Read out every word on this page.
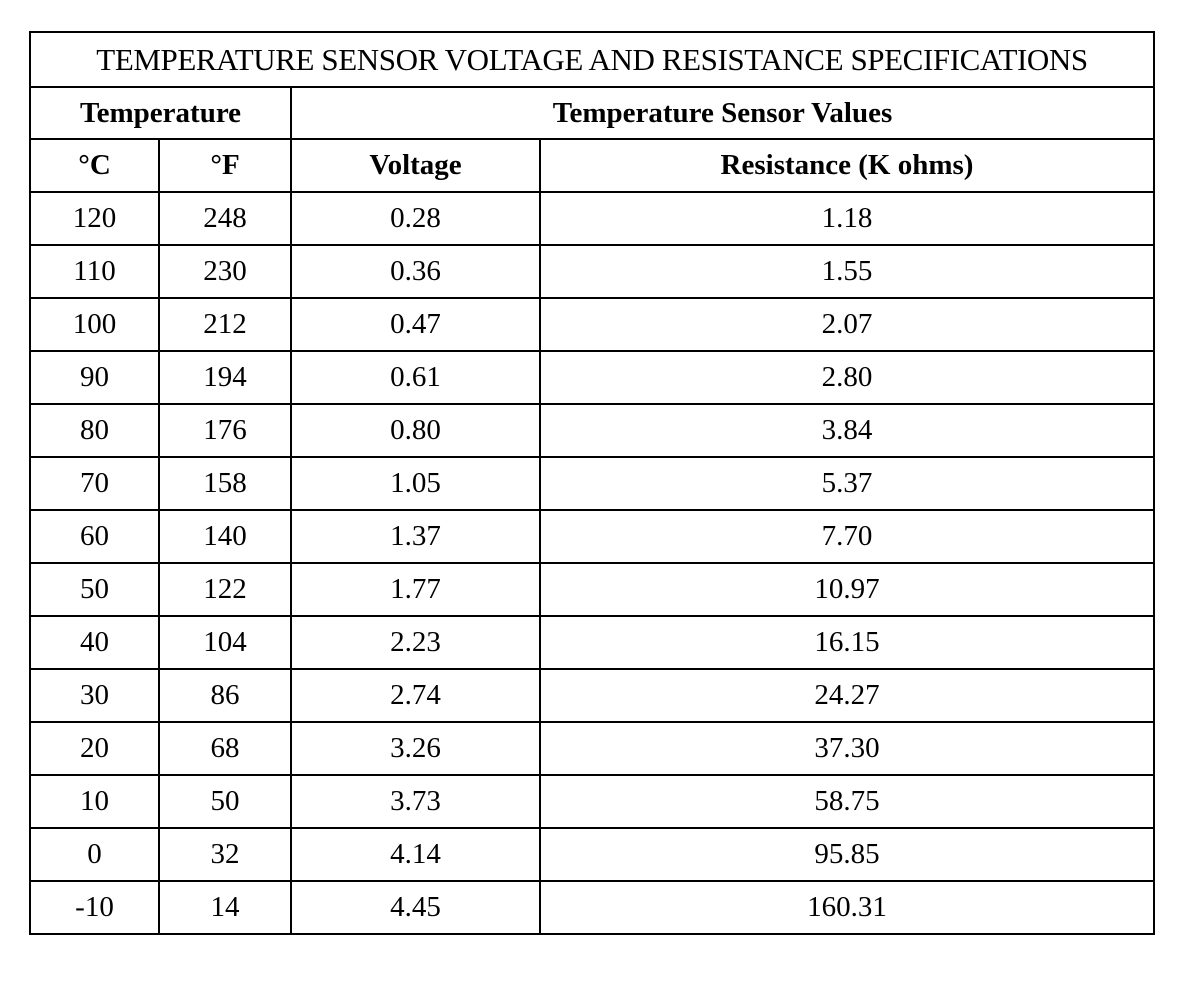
TEMPERATURE SENSOR VOLTAGE AND RESISTANCE SPECIFICATIONS			
Temperature		Temperature Sensor Values	
°C	°F	Voltage	Resistance (K ohms)
120	248	0.28	1.18
110	230	0.36	1.55
100	212	0.47	2.07
90	194	0.61	2.80
80	176	0.80	3.84
70	158	1.05	5.37
60	140	1.37	7.70
50	122	1.77	10.97
40	104	2.23	16.15
30	86	2.74	24.27
20	68	3.26	37.30
10	50	3.73	58.75
0	32	4.14	95.85
-10	14	4.45	160.31
